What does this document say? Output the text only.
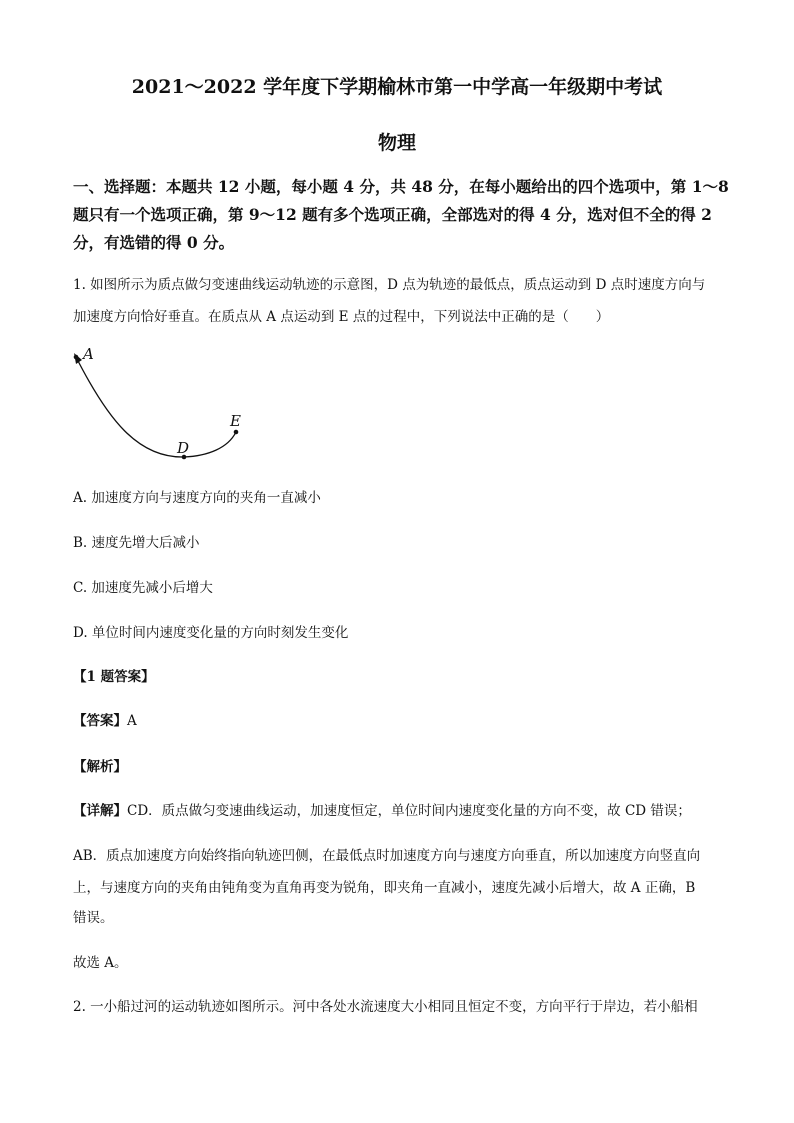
2021～2022 学年度下学期榆林市第一中学高一年级期中考试
物理
一、选择题：本题共 12 小题，每小题 4 分，共 48 分，在每小题给出的四个选项中，第 1～8
题只有一个选项正确，第 9～12 题有多个选项正确，全部选对的得 4 分，选对但不全的得 2
分，有选错的得 0 分。
1. 如图所示为质点做匀变速曲线运动轨迹的示意图，D 点为轨迹的最低点，质点运动到 D 点时速度方向与
加速度方向恰好垂直。在质点从 A 点运动到 E 点的过程中，下列说法中正确的是（　　）
A
D
E
A. 加速度方向与速度方向的夹角一直减小
B. 速度先增大后减小
C. 加速度先减小后增大
D. 单位时间内速度变化量的方向时刻发生变化
【1 题答案】
【答案】A
【解析】
【详解】CD．质点做匀变速曲线运动，加速度恒定，单位时间内速度变化量的方向不变，故 CD 错误；
AB．质点加速度方向始终指向轨迹凹侧，在最低点时加速度方向与速度方向垂直，所以加速度方向竖直向
上，与速度方向的夹角由钝角变为直角再变为锐角，即夹角一直减小，速度先减小后增大，故 A 正确，B
错误。
故选 A。
2. 一小船过河的运动轨迹如图所示。河中各处水流速度大小相同且恒定不变，方向平行于岸边，若小船相
